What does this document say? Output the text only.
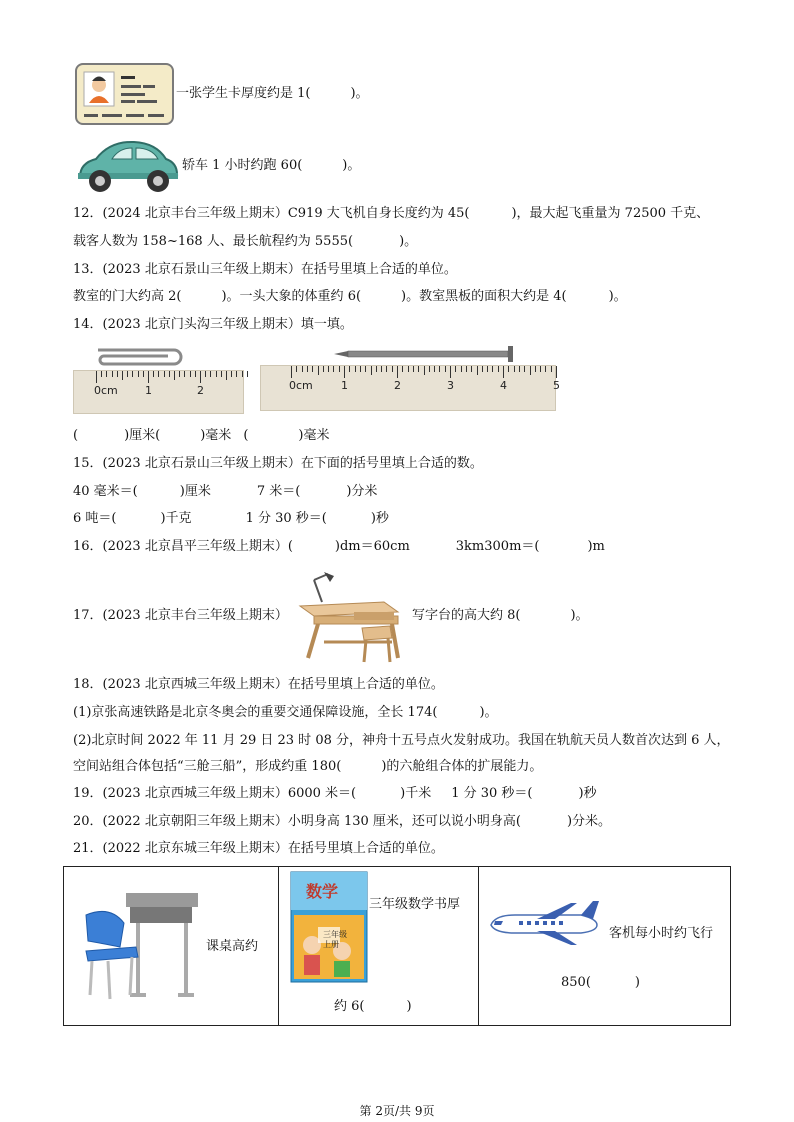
一张学生卡厚度约是 1(	)。
轿车 1 小时约跑 60(	)。
12．(2024 北京丰台三年级上期末）C919 大飞机自身长度约为 45(	)，最大起飞重量为 72500 千克、
载客人数为 158~168 人、最长航程约为 5555(	)。
13．(2023 北京石景山三年级上期末）在括号里填上合适的单位。
教室的门大约高 2(	)。一头大象的体重约 6(	)。教室黑板的面积大约是 4(	)。
14．(2023 北京门头沟三年级上期末）填一填。
0cm 1	2	0cm	1	2	3	4	5
(	)厘米(	)毫米 (	)毫米
15．(2023 北京石景山三年级上期末）在下面的括号里填上合适的数。
40 毫米＝(	)厘米	7 米＝(	)分米
6 吨＝(	)千克	1 分 30 秒＝(	)秒
16．(2023 北京昌平三年级上期末）(	)dm＝60cm	3km300m＝(	)m
17．(2023 北京丰台三年级上期末）	写字台的高大约 8(	)。
18．(2023 北京西城三年级上期末）在括号里填上合适的单位。
(1)京张高速铁路是北京冬奥会的重要交通保障设施，全长 174(	)。
(2)北京时间 2022 年 11 月 29 日 23 时 08 分，神舟十五号点火发射成功。我国在轨航天员人数首次达到 6 人，
空间站组合体包括“三舱三船”，形成约重 180(	)的六舱组合体的扩展能力。
19．(2023 北京西城三年级上期末）6000 米＝(	)千米 1 分 30 秒＝(	)秒
20．(2022 北京朝阳三年级上期末）小明身高 130 厘米，还可以说小明身高(	)分米。
21．(2022 北京东城三年级上期末）在括号里填上合适的单位。
课桌高约

数学
三年级
上册
三年级数学书厚
约 6(	)

客机每小时约飞行
850(	)
第 2页/共 9页
